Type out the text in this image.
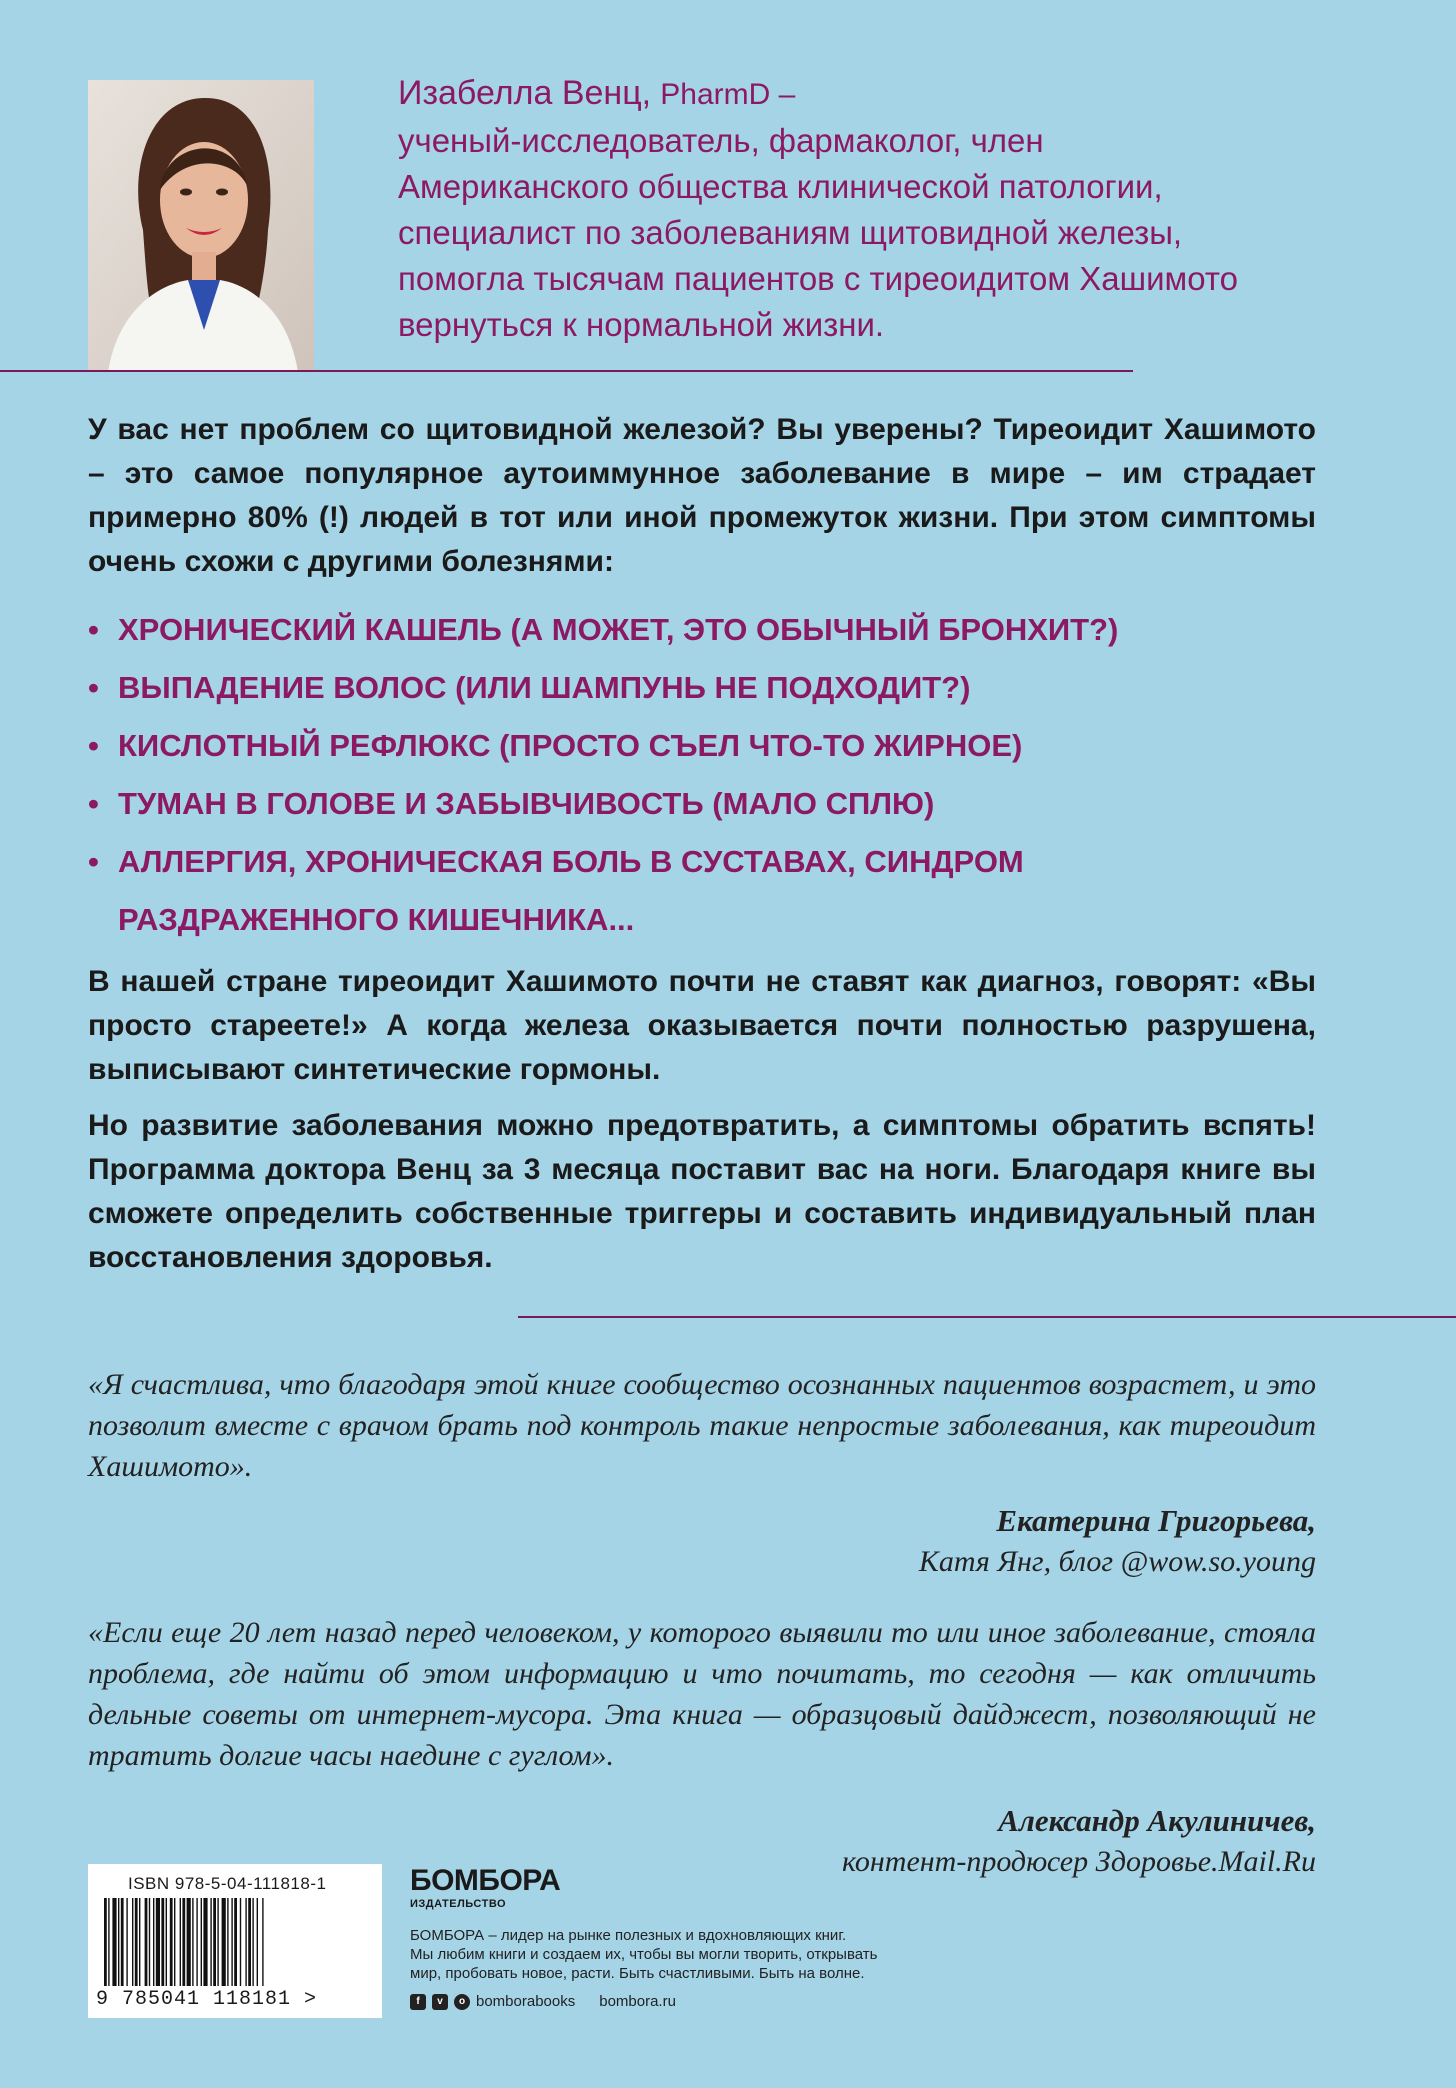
Изабелла Венц, PharmD –
ученый-исследователь, фармаколог, член
Американского общества клинической патологии,
специалист по заболеваниям щитовидной железы,
помогла тысячам пациентов с тиреоидитом Хашимото
вернуться к нормальной жизни.
У вас нет проблем со щитовидной железой? Вы уверены? Тиреоидит Хашимото – это самое популярное аутоиммунное заболевание в мире – им страдает примерно 80% (!) людей в тот или иной промежуток жизни. При этом симптомы очень схожи с другими болезнями:
• ХРОНИЧЕСКИЙ КАШЕЛЬ (А МОЖЕТ, ЭТО ОБЫЧНЫЙ БРОНХИТ?)
• ВЫПАДЕНИЕ ВОЛОС (ИЛИ ШАМПУНЬ НЕ ПОДХОДИТ?)
• КИСЛОТНЫЙ РЕФЛЮКС (ПРОСТО СЪЕЛ ЧТО-ТО ЖИРНОЕ)
• ТУМАН В ГОЛОВЕ И ЗАБЫВЧИВОСТЬ (МАЛО СПЛЮ)
• АЛЛЕРГИЯ, ХРОНИЧЕСКАЯ БОЛЬ В СУСТАВАХ, СИНДРОМ РАЗДРАЖЕННОГО КИШЕЧНИКА...
В нашей стране тиреоидит Хашимото почти не ставят как диагноз, говорят: «Вы просто стареете!» А когда железа оказывается почти полностью разрушена, выписывают синтетические гормоны.
Но развитие заболевания можно предотвратить, а симптомы обратить вспять! Программа доктора Венц за 3 месяца поставит вас на ноги. Благодаря книге вы сможете определить собственные триггеры и составить индивидуальный план восстановления здоровья.
«Я счастлива, что благодаря этой книге сообщество осознанных пациентов возрастет, и это позволит вместе с врачом брать под контроль такие непростые заболевания, как тиреоидит Хашимото».
Екатерина Григорьева,
Катя Янг, блог @wow.so.young
«Если еще 20 лет назад перед человеком, у которого выявили то или иное заболевание, стояла проблема, где найти об этом информацию и что почитать, то сегодня — как отличить дельные советы от интернет-мусора. Эта книга — образцовый дайджест, позволяющий не тратить долгие часы наедине с гуглом».
Александр Акулиничев,
контент-продюсер Здоровье.Mail.Ru
ISBN 978-5-04-111818-1
9 785041 118181 >
БОМБОРА
ИЗДАТЕЛЬСТВО
БОМБОРА – лидер на рынке полезных и вдохновляющих книг.
Мы любим книги и создаем их, чтобы вы могли творить, открывать
мир, пробовать новое, расти. Быть счастливыми. Быть на волне.
f	v	o bomborabooks bombora.ru
